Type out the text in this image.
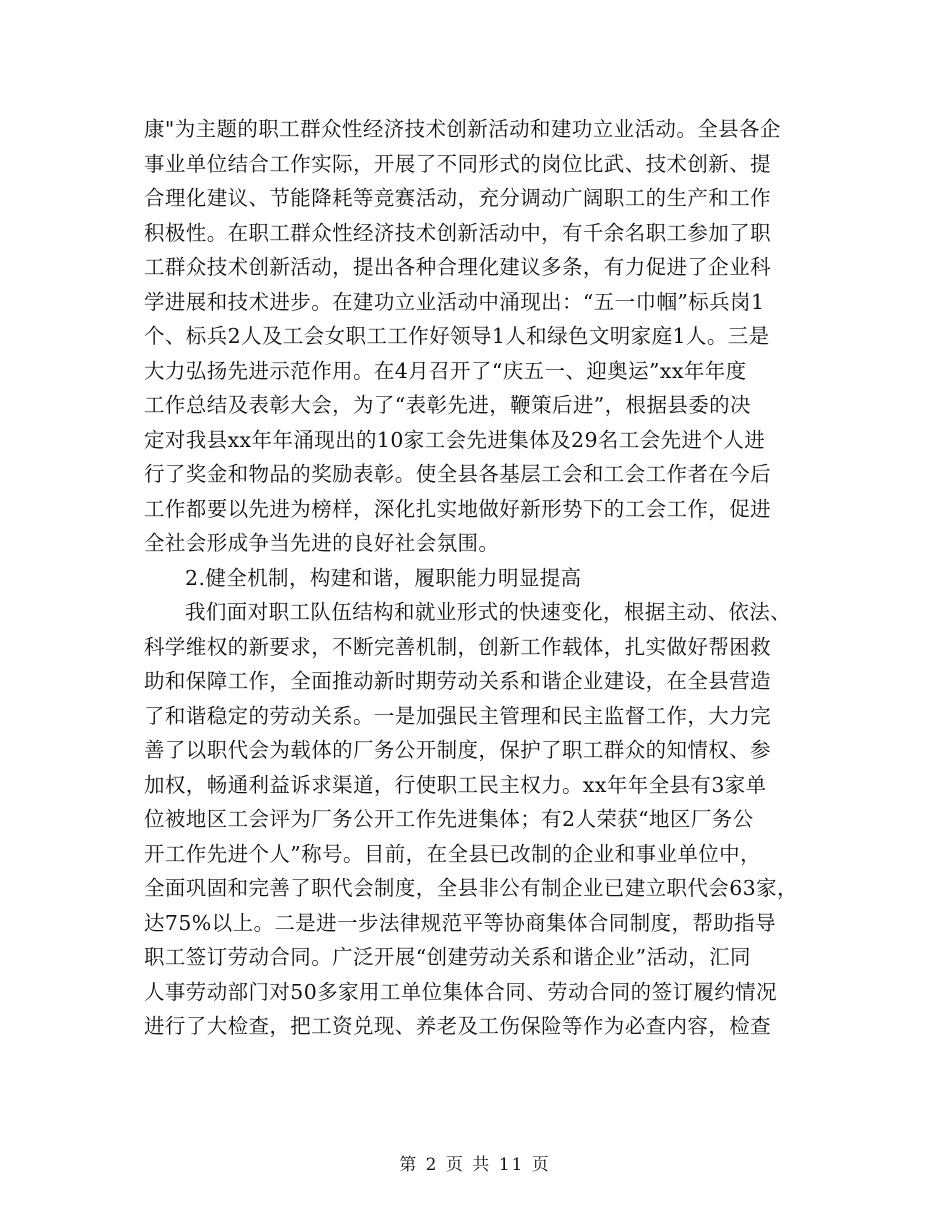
康"为主题的职工群众性经济技术创新活动和建功立业活动。全县各企
事业单位结合工作实际，开展了不同形式的岗位比武、技术创新、提
合理化建议、节能降耗等竞赛活动，充分调动广阔职工的生产和工作
积极性。在职工群众性经济技术创新活动中，有千余名职工参加了职
工群众技术创新活动，提出各种合理化建议多条，有力促进了企业科
学进展和技术进步。在建功立业活动中涌现出：“五一巾帼”标兵岗1
个、标兵2人及工会女职工工作好领导1人和绿色文明家庭1人。三是
大力弘扬先进示范作用。在4月召开了“庆五一、迎奥运”xx年年度
工作总结及表彰大会，为了“表彰先进，鞭策后进”，根据县委的决
定对我县xx年年涌现出的10家工会先进集体及29名工会先进个人进
行了奖金和物品的奖励表彰。使全县各基层工会和工会工作者在今后
工作都要以先进为榜样，深化扎实地做好新形势下的工会工作，促进
全社会形成争当先进的良好社会氛围。
2.健全机制，构建和谐，履职能力明显提高
我们面对职工队伍结构和就业形式的快速变化，根据主动、依法、
科学维权的新要求，不断完善机制，创新工作载体，扎实做好帮困救
助和保障工作，全面推动新时期劳动关系和谐企业建设，在全县营造
了和谐稳定的劳动关系。一是加强民主管理和民主监督工作，大力完
善了以职代会为载体的厂务公开制度，保护了职工群众的知情权、参
加权，畅通利益诉求渠道，行使职工民主权力。xx年年全县有3家单
位被地区工会评为厂务公开工作先进集体；有2人荣获“地区厂务公
开工作先进个人”称号。目前，在全县已改制的企业和事业单位中，
全面巩固和完善了职代会制度，全县非公有制企业已建立职代会63家，
达75%以上。二是进一步法律规范平等协商集体合同制度，帮助指导
职工签订劳动合同。广泛开展“创建劳动关系和谐企业”活动，汇同
人事劳动部门对50多家用工单位集体合同、劳动合同的签订履约情况
进行了大检查，把工资兑现、养老及工伤保险等作为必查内容，检查
第 2 页 共 11 页
